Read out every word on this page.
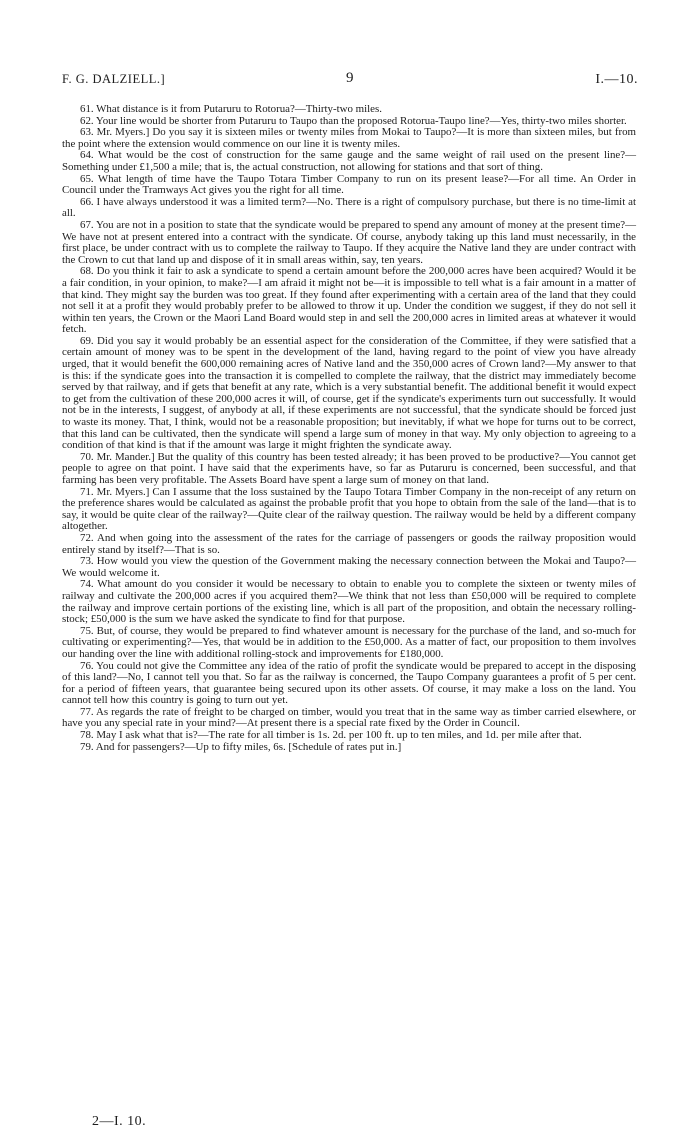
F. G. DALZIELL.]	9	I.—10.

61. What distance is it from Putaruru to Rotorua?—Thirty-two miles.

62. Your line would be shorter from Putaruru to Taupo than the proposed Rotorua-Taupo line?—Yes, thirty-two miles shorter.

63. Mr. Myers.] Do you say it is sixteen miles or twenty miles from Mokai to Taupo?—It is more than sixteen miles, but from the point where the extension would commence on our line it is twenty miles.

64. What would be the cost of construction for the same gauge and the same weight of rail used on the present line?—Something under £1,500 a mile; that is, the actual construction, not allowing for stations and that sort of thing.

65. What length of time have the Taupo Totara Timber Company to run on its present lease?—For all time. An Order in Council under the Tramways Act gives you the right for all time.

66. I have always understood it was a limited term?—No. There is a right of compulsory purchase, but there is no time-limit at all.

67. You are not in a position to state that the syndicate would be prepared to spend any amount of money at the present time?—We have not at present entered into a contract with the syndicate. Of course, anybody taking up this land must necessarily, in the first place, be under contract with us to complete the railway to Taupo. If they acquire the Native land they are under contract with the Crown to cut that land up and dispose of it in small areas within, say, ten years.

68. Do you think it fair to ask a syndicate to spend a certain amount before the 200,000 acres have been acquired? Would it be a fair condition, in your opinion, to make?—I am afraid it might not be—it is impossible to tell what is a fair amount in a matter of that kind. They might say the burden was too great. If they found after experimenting with a certain area of the land that they could not sell it at a profit they would probably prefer to be allowed to throw it up. Under the condition we suggest, if they do not sell it within ten years, the Crown or the Maori Land Board would step in and sell the 200,000 acres in limited areas at whatever it would fetch.

69. Did you say it would probably be an essential aspect for the consideration of the Committee, if they were satisfied that a certain amount of money was to be spent in the development of the land, having regard to the point of view you have already urged, that it would benefit the 600,000 remaining acres of Native land and the 350,000 acres of Crown land?—My answer to that is this: if the syndicate goes into the transaction it is compelled to complete the railway, that the district may immediately become served by that railway, and if gets that benefit at any rate, which is a very substantial benefit. The additional benefit it would expect to get from the cultivation of these 200,000 acres it will, of course, get if the syndicate's experiments turn out successfully. It would not be in the interests, I suggest, of anybody at all, if these experiments are not successful, that the syndicate should be forced just to waste its money. That, I think, would not be a reasonable proposition; but inevitably, if what we hope for turns out to be correct, that this land can be cultivated, then the syndicate will spend a large sum of money in that way. My only objection to agreeing to a condition of that kind is that if the amount was large it might frighten the syndicate away.

70. Mr. Mander.] But the quality of this country has been tested already; it has been proved to be productive?—You cannot get people to agree on that point. I have said that the experiments have, so far as Putaruru is concerned, been successful, and that farming has been very profitable. The Assets Board have spent a large sum of money on that land.

71. Mr. Myers.] Can I assume that the loss sustained by the Taupo Totara Timber Company in the non-receipt of any return on the preference shares would be calculated as against the probable profit that you hope to obtain from the sale of the land—that is to say, it would be quite clear of the railway?—Quite clear of the railway question. The railway would be held by a different company altogether.

72. And when going into the assessment of the rates for the carriage of passengers or goods the railway proposition would entirely stand by itself?—That is so.

73. How would you view the question of the Government making the necessary connection between the Mokai and Taupo?—We would welcome it.

74. What amount do you consider it would be necessary to obtain to enable you to complete the sixteen or twenty miles of railway and cultivate the 200,000 acres if you acquired them?—We think that not less than £50,000 will be required to complete the railway and improve certain portions of the existing line, which is all part of the proposition, and obtain the necessary rolling-stock; £50,000 is the sum we have asked the syndicate to find for that purpose.

75. But, of course, they would be prepared to find whatever amount is necessary for the purchase of the land, and so-much for cultivating or experimenting?—Yes, that would be in addition to the £50,000. As a matter of fact, our proposition to them involves our handing over the line with additional rolling-stock and improvements for £180,000.

76. You could not give the Committee any idea of the ratio of profit the syndicate would be prepared to accept in the disposing of this land?—No, I cannot tell you that. So far as the railway is concerned, the Taupo Company guarantees a profit of 5 per cent. for a period of fifteen years, that guarantee being secured upon its other assets. Of course, it may make a loss on the land. You cannot tell how this country is going to turn out yet.

77. As regards the rate of freight to be charged on timber, would you treat that in the same way as timber carried elsewhere, or have you any special rate in your mind?—At present there is a special rate fixed by the Order in Council.

78. May I ask what that is?—The rate for all timber is 1s. 2d. per 100 ft. up to ten miles, and 1d. per mile after that.

79. And for passengers?—Up to fifty miles, 6s. [Schedule of rates put in.]

2—I. 10.
